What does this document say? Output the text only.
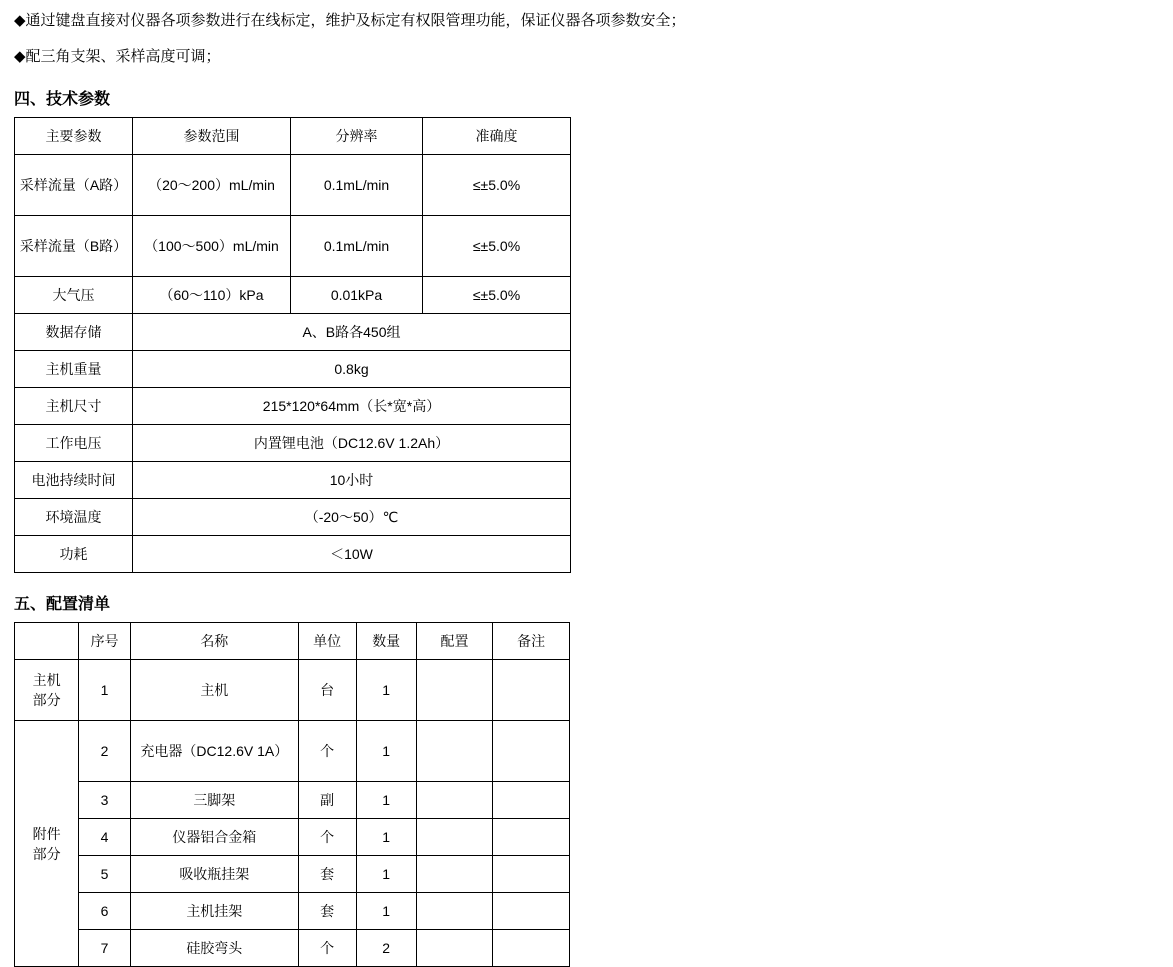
◆通过键盘直接对仪器各项参数进行在线标定，维护及标定有权限管理功能，保证仪器各项参数安全；
◆配三角支架、采样高度可调；
四、技术参数
主要参数	参数范围	分辨率	准确度
采样流量（A路）	（20～200）mL/min	0.1mL/min	≤±5.0%
采样流量（B路）	（100～500）mL/min	0.1mL/min	≤±5.0%
大气压	（60～110）kPa	0.01kPa	≤±5.0%
数据存储	A、B路各450组		
主机重量	0.8kg		
主机尺寸	215*120*64mm（长*宽*高）		
工作电压	内置锂电池（DC12.6V 1.2Ah）		
电池持续时间	10小时		
环境温度	（-20～50）℃		
功耗	＜10W		
五、配置清单
	序号	名称	单位	数量	配置	备注
主机
部分	1	主机	台	1		
附件
部分	2	充电器（DC12.6V 1A）	个	1		
	3	三脚架	副	1		
	4	仪器铝合金箱	个	1		
	5	吸收瓶挂架	套	1		
	6	主机挂架	套	1		
	7	硅胶弯头	个	2		
